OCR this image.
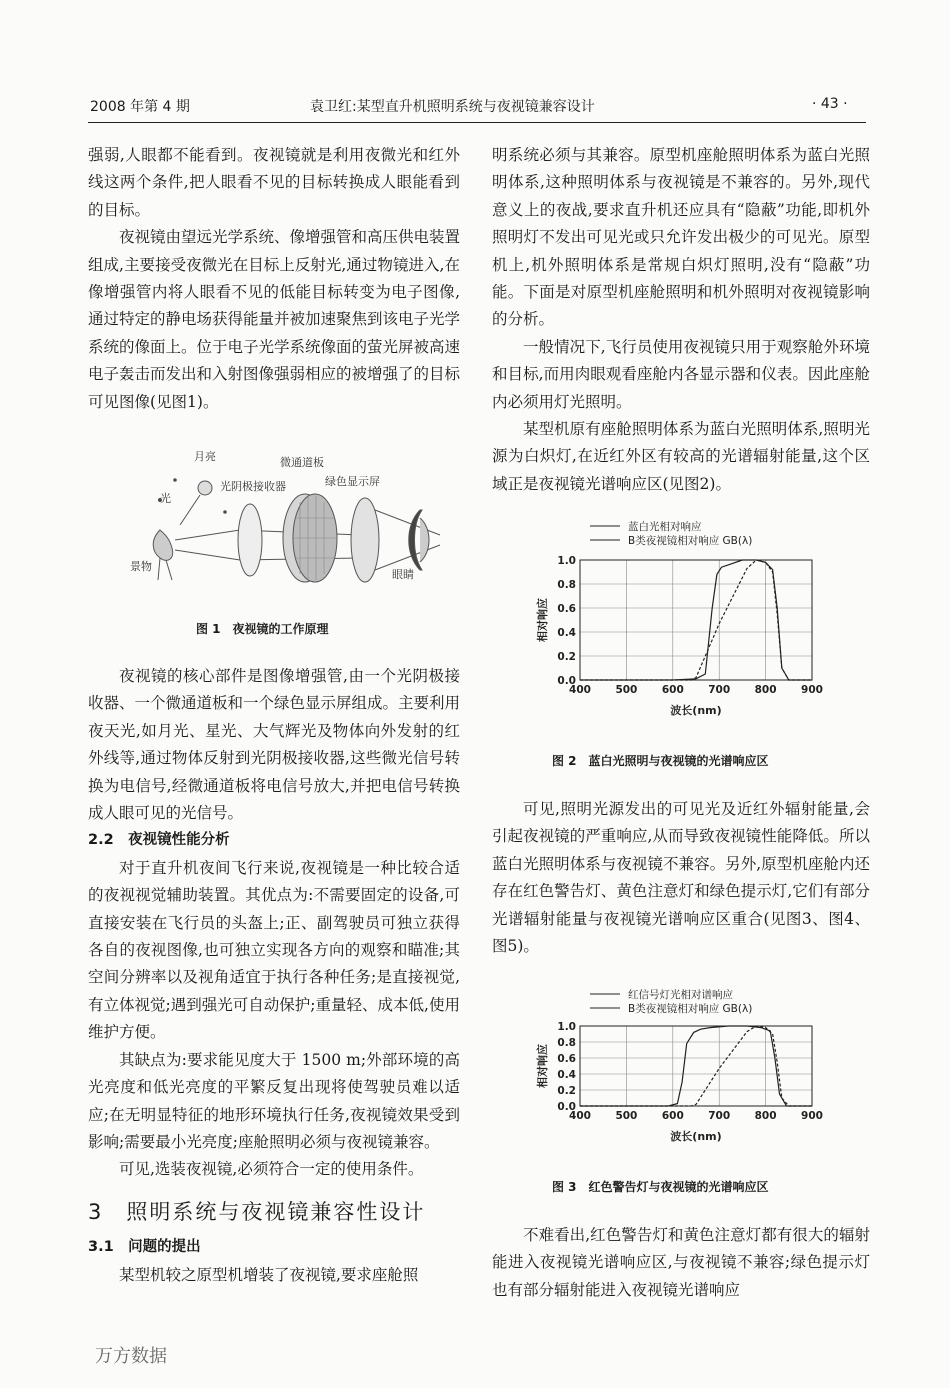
2008 年第 4 期	袁卫红:某型直升机照明系统与夜视镜兼容设计	· 43 ·

强弱,人眼都不能看到。夜视镜就是利用夜微光和红外线这两个条件,把人眼看不见的目标转换成人眼能看到的目标。

夜视镜由望远光学系统、像增强管和高压供电装置组成,主要接受夜微光在目标上反射光,通过物镜进入,在像增强管内将人眼看不见的低能目标转变为电子图像,通过特定的静电场获得能量并被加速聚焦到该电子光学系统的像面上。位于电子光学系统像面的萤光屏被高速电子轰击而发出和入射图像强弱相应的被增强了的目标可见图像(见图1)。

月亮
光
景物
光阴极接收器
微通道板
绿色显示屏
眼睛
图 1　夜视镜的工作原理

夜视镜的核心部件是图像增强管,由一个光阴极接收器、一个微通道板和一个绿色显示屏组成。主要利用夜天光,如月光、星光、大气辉光及物体向外发射的红外线等,通过物体反射到光阴极接收器,这些微光信号转换为电信号,经微通道板将电信号放大,并把电信号转换成人眼可见的光信号。

2.2　夜视镜性能分析

对于直升机夜间飞行来说,夜视镜是一种比较合适的夜视视觉辅助装置。其优点为:不需要固定的设备,可直接安装在飞行员的头盔上;正、副驾驶员可独立获得各自的夜视图像,也可独立实现各方向的观察和瞄准;其空间分辨率以及视角适宜于执行各种任务;是直接视觉,有立体视觉;遇到强光可自动保护;重量轻、成本低,使用维护方便。

其缺点为:要求能见度大于 1500 m;外部环境的高光亮度和低光亮度的平繁反复出现将使驾驶员难以适应;在无明显特征的地形环境执行任务,夜视镜效果受到影响;需要最小光亮度;座舱照明必须与夜视镜兼容。

可见,选装夜视镜,必须符合一定的使用条件。

3　照明系统与夜视镜兼容性设计

3.1　问题的提出

某型机较之原型机增装了夜视镜,要求座舱照

明系统必须与其兼容。原型机座舱照明体系为蓝白光照明体系,这种照明体系与夜视镜是不兼容的。另外,现代意义上的夜战,要求直升机还应具有“隐蔽”功能,即机外照明灯不发出可见光或只允许发出极少的可见光。原型机上,机外照明体系是常规白炽灯照明,没有“隐蔽”功能。下面是对原型机座舱照明和机外照明对夜视镜影响的分析。

一般情况下,飞行员使用夜视镜只用于观察舱外环境和目标,而用肉眼观看座舱内各显示器和仪表。因此座舱内必须用灯光照明。

某型机原有座舱照明体系为蓝白光照明体系,照明光源为白炽灯,在近红外区有较高的光谱辐射能量,这个区域正是夜视镜光谱响应区(见图2)。

蓝白光相对响应
B类夜视镜相对响应 GB(λ)
400 500 600 700 800 900
0.0
0.2
0.4
0.6
0.8
1.0
波长(nm)
相对响应
图 2　蓝白光照明与夜视镜的光谱响应区

可见,照明光源发出的可见光及近红外辐射能量,会引起夜视镜的严重响应,从而导致夜视镜性能降低。所以蓝白光照明体系与夜视镜不兼容。另外,原型机座舱内还存在红色警告灯、黄色注意灯和绿色提示灯,它们有部分光谱辐射能量与夜视镜光谱响应区重合(见图3、图4、图5)。

红信号灯光相对谱响应
B类夜视镜相对响应 GB(λ)
400 500 600 700 800 900
0.0
0.2
0.4
0.6
0.8
1.0
波长(nm)
相对响应
图 3　红色警告灯与夜视镜的光谱响应区

不难看出,红色警告灯和黄色注意灯都有很大的辐射能进入夜视镜光谱响应区,与夜视镜不兼容;绿色提示灯也有部分辐射能进入夜视镜光谱响应

万方数据
